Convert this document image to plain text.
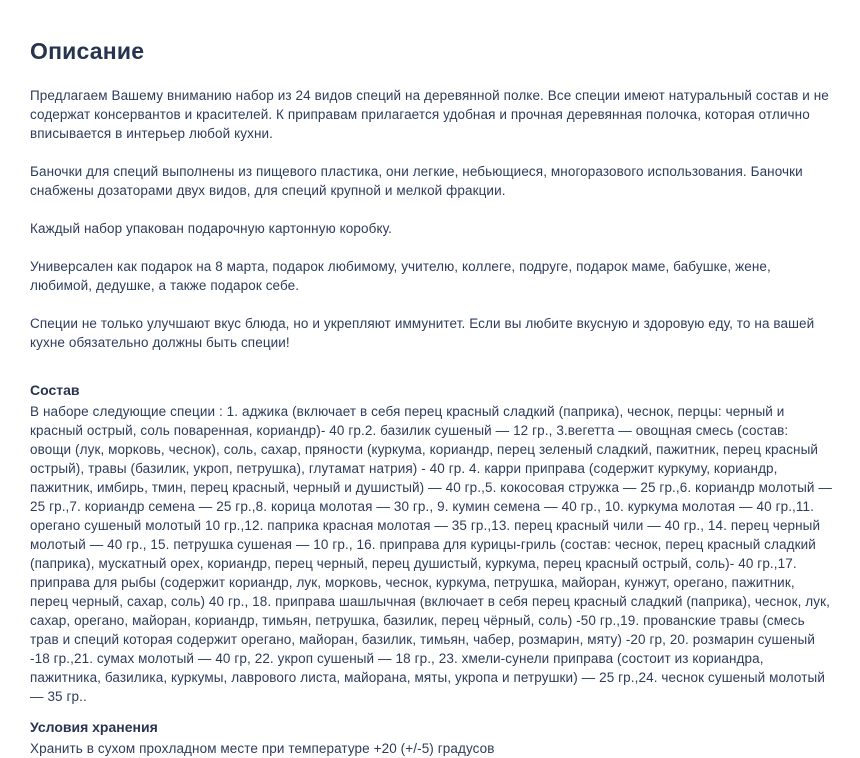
Описание

Предлагаем Вашему вниманию набор из 24 видов специй на деревянной полке. Все специи имеют натуральный состав и не содержат консервантов и красителей. К приправам прилагается удобная и прочная деревянная полочка, которая отлично вписывается в интерьер любой кухни.

Баночки для специй выполнены из пищевого пластика, они легкие, небьющиеся, многоразового использования. Баночки снабжены дозаторами двух видов, для специй крупной и мелкой фракции.

Каждый набор упакован подарочную картонную коробку.

Универсален как подарок на 8 марта, подарок любимому, учителю, коллеге, подруге, подарок маме, бабушке, жене, любимой, дедушке, а также подарок себе.

Специи не только улучшают вкус блюда, но и укрепляют иммунитет. Если вы любите вкусную и здоровую еду, то на вашей кухне обязательно должны быть специи!

Состав

В наборе следующие специи : 1. аджика (включает в себя перец красный сладкий (паприка), чеснок, перцы: черный и красный острый, соль поваренная, кориандр)- 40 гр.2. базилик сушеный — 12 гр., 3.вегетта — овощная смесь (состав: овощи (лук, морковь, чеснок), соль, сахар, пряности (куркума, кориандр, перец зеленый сладкий, пажитник, перец красный острый), травы (базилик, укроп, петрушка), глутамат натрия) - 40 гр. 4. карри приправа (содержит куркуму, кориандр, пажитник, имбирь, тмин, перец красный, черный и душистый) — 40 гр.,5. кокосовая стружка — 25 гр.,6. кориандр молотый — 25 гр.,7. кориандр семена — 25 гр.,8. корица молотая — 30 гр., 9. кумин семена — 40 гр., 10. куркума молотая — 40 гр.,11. орегано сушеный молотый 10 гр.,12. паприка красная молотая — 35 гр.,13. перец красный чили — 40 гр., 14. перец черный молотый — 40 гр., 15. петрушка сушеная — 10 гр., 16. приправа для курицы-гриль (состав: чеснок, перец красный сладкий (паприка), мускатный орех, кориандр, перец черный, перец душистый, куркума, перец красный острый, соль)- 40 гр.,17. приправа для рыбы (содержит кориандр, лук, морковь, чеснок, куркума, петрушка, майоран, кунжут, орегано, пажитник, перец черный, сахар, соль) 40 гр., 18. приправа шашлычная (включает в себя перец красный сладкий (паприка), чеснок, лук, сахар, орегано, майоран, кориандр, тимьян, петрушка, базилик, перец чёрный, соль) -50 гр.,19. прованские травы (смесь трав и специй которая содержит орегано, майоран, базилик, тимьян, чабер, розмарин, мяту) -20 гр, 20. розмарин сушеный -18 гр.,21. сумах молотый — 40 гр, 22. укроп сушеный — 18 гр., 23. хмели-сунели приправа (состоит из кориандра, пажитника, базилика, куркумы, лаврового листа, майорана, мяты, укропа и петрушки) — 25 гр.,24. чеснок сушеный молотый — 35 гр..

Условия хранения

Хранить в сухом прохладном месте при температуре +20 (+/-5) градусов
